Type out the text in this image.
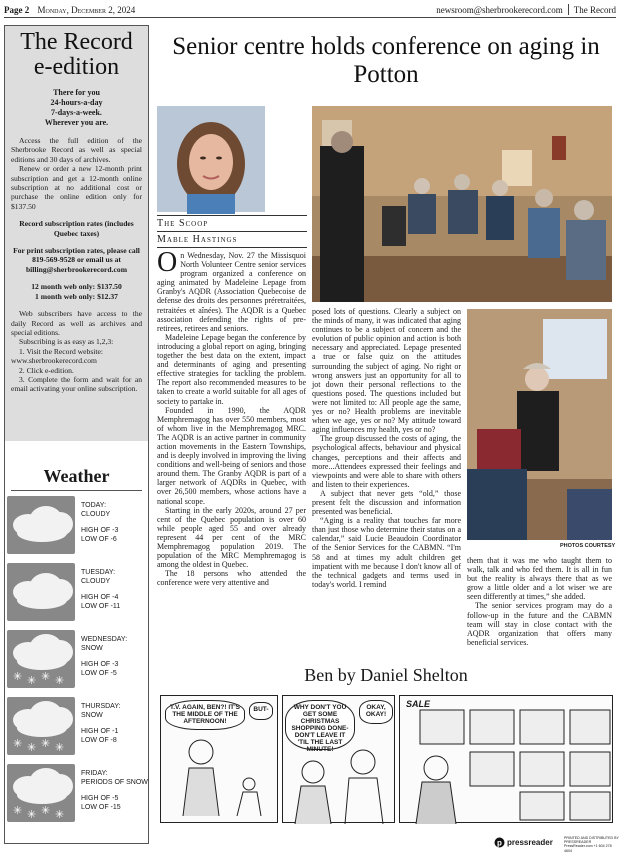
Page 2 Monday, December 2, 2024	newsroom@sherbrookerecord.com The Record
The Record
e-edition
There for you
24-hours-a-day
7-days-a-week.
Wherever you are.
Access the full edition of the Sherbrooke Record as well as special editions and 30 days of archives.
Renew or order a new 12-month print subscription and get a 12-month online subscription at no additional cost or purchase the online edition only for $137.50
Record subscription rates (includes Quebec taxes)
For print subscription rates, please call 819-569-9528 or email us at billing@sherbrookerecord.com
12 month web only: $137.50
1 month web only: $12.37
Web subscribers have access to the daily Record as well as archives and special editions.
Subscribing is as easy as 1,2,3:
1. Visit the Record website: www.sherbrookerecord.com
2. Click e-edition.
3. Complete the form and wait for an email activating your online subscription.
Weather
TODAY:
CLOUDY
HIGH OF -3
LOW OF -6
TUESDAY:
CLOUDY
HIGH OF -4
LOW OF -11
✳ ✳ ✳ ✳
WEDNESDAY:
SNOW
HIGH OF -3
LOW OF -5
✳ ✳ ✳ ✳
THURSDAY:
SNOW
HIGH OF -1
LOW OF -8
✳ ✳ ✳ ✳
FRIDAY:
PERIODS OF SNOW
HIGH OF -5
LOW OF -15
Senior centre holds conference on aging in Potton
The Scoop
Mable Hastings
PHOTOS COURTESY

On Wednesday, Nov. 27 the Missisquoi North Volunteer Centre senior services program organized a conference on aging animated by Madeleine Lepage from Granby's AQDR (Association Quebecoise de defense des droits des personnes préretraitées, retraitées et aînées). The AQDR is a Quebec association defending the rights of pre-retirees, retirees and seniors.

Madeleine Lepage began the conference by introducing a global report on aging, bringing together the best data on the extent, impact and determinants of aging and presenting effective strategies for tackling the problem. The report also recommended measures to be taken to create a world suitable for all ages of society to partake in.

Founded in 1990, the AQDR Memphremagog has over 550 members, most of whom live in the Memphremagog MRC. The AQDR is an active partner in community action movements in the Eastern Townships, and is deeply involved in improving the living conditions and well-being of seniors and those around them. The Granby AQDR is part of a larger network of AQDRs in Quebec, with over 26,500 members, whose actions have a national scope.

Starting in the early 2020s, around 27 per cent of the Quebec population is over 60 while people aged 55 and over already represent 44 per cent of the MRC Memphremagog population 2019. The population of the MRC Memphremagog is among the oldest in Quebec.

The 18 persons who attended the conference were very attentive and

posed lots of questions. Clearly a subject on the minds of many, it was indicated that aging continues to be a subject of concern and the evolution of public opinion and action is both necessary and appreciated. Lepage presented a true or false quiz on the attitudes surrounding the subject of aging. No right or wrong answers just an opportunity for all to jot down their personal reflections to the questions posed. The questions included but were not limited to: All people age the same, yes or no? Health problems are inevitable when we age, yes or no? My attitude toward aging influences my health, yes or no?

The group discussed the costs of aging, the psychological affects, behaviour and physical changes, perceptions and their affects and more...Attendees expressed their feelings and viewpoints and were able to share with others and listen to their experiences.

A subject that never gets “old,” those present felt the discussion and information presented was beneficial.

“Aging is a reality that touches far more than just those who determine their status on a calendar,” said Lucie Beaudoin Coordinator of the Senior Services for the CABMN. “I'm 58 and at times my adult children get impatient with me because I don't know all of the technical gadgets and terms used in today's world. I remind

them that it was me who taught them to walk, talk and who fed them. It is all in fun but the reality is always there that as we grow a little older and a lot wiser we are seen differently at times,” she added.

The senior services program may do a follow-up in the future and the CABMN team will stay in close contact with the AQDR organization that offers many beneficial services.

Ben by Daniel Shelton
T.V. AGAIN, BEN?! IT'S THE MIDDLE OF THE AFTERNOON!
BUT-	WHY DON'T YOU GET SOME CHRISTMAS SHOPPING DONE- DON'T LEAVE IT 'TIL THE LAST MINUTE!
OKAY, OKAY!
SALE
p pressreader	PRINTED AND DISTRIBUTED BY PRESSREADER
PressReader.com +1 604 278 4604
